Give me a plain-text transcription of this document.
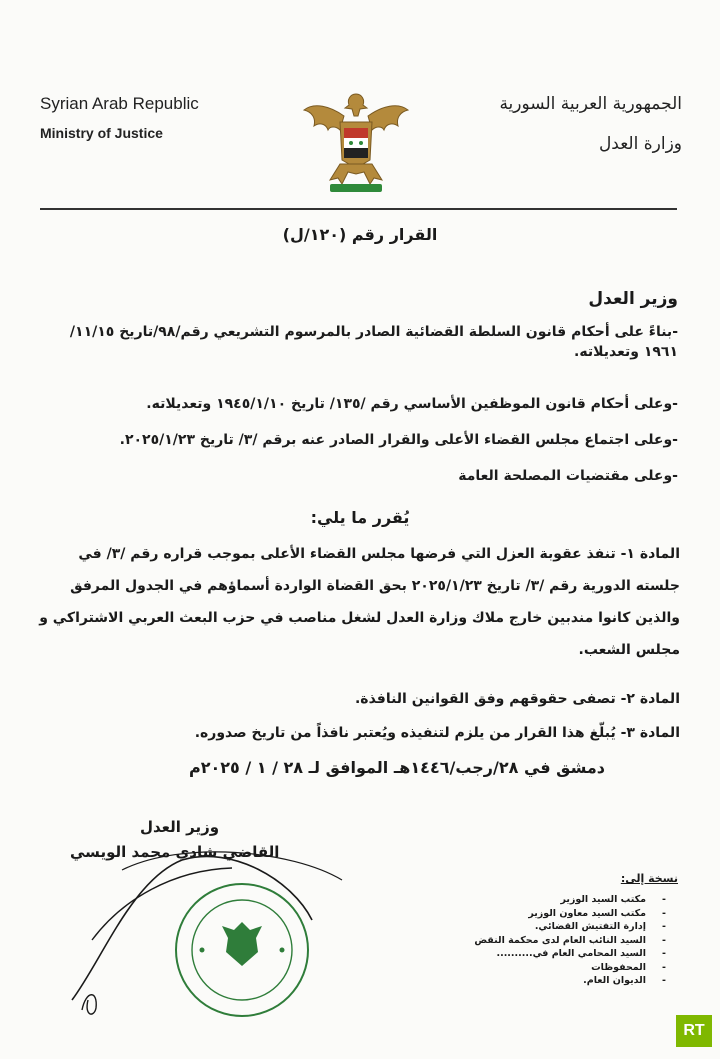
Syrian Arab Republic
Ministry of Justice
الجمهورية العربية السورية
وزارة العدل
القرار رقم (١٢٠/ل)
وزير العدل
-بناءً على أحكام قانون السلطة القضائية الصادر بالمرسوم التشريعي رقم/٩٨/تاريخ ١١/١٥/ ١٩٦١ وتعديلاته.
-وعلى أحكام قانون الموظفين الأساسي رقم /١٣٥/ تاريخ ١٩٤٥/١/١٠ وتعديلاته.
-وعلى اجتماع مجلس القضاء الأعلى والقرار الصادر عنه برقم /٣/ تاريخ ٢٠٢٥/١/٢٣.
-وعلى مقتضيات المصلحة العامة
يُقرر ما يلي:
المادة ١- تنفذ عقوبة العزل التي فرضها مجلس القضاء الأعلى بموجب قراره رقم /٣/ في جلسته الدورية رقم /٣/ تاريخ ٢٠٢٥/١/٢٣ بحق القضاة الواردة أسماؤهم في الجدول المرفق والذين كانوا مندبين خارج ملاك وزارة العدل لشغل مناصب في حزب البعث العربي الاشتراكي و مجلس الشعب.
المادة ٢- تصفى حقوقهم وفق القوانين النافذة.
المادة ٣- يُبلّغ هذا القرار من يلزم لتنفيذه ويُعتبر نافذاً من تاريخ صدوره.
دمشق في ٢٨/رجب/١٤٤٦هـ الموافق لـ ٢٨ / ١ / ٢٠٢٥م
وزير العدل
القاضي شادي محمد الويسي
نسخة إلى:
- مكتب السيد الوزير
- مكتب السيد معاون الوزير
- إدارة التفتيش القضائي.
- السيد النائب العام لدى محكمة النقض
- السيد المحامي العام في..........
- المحفوظات
- الديوان العام.
RT
